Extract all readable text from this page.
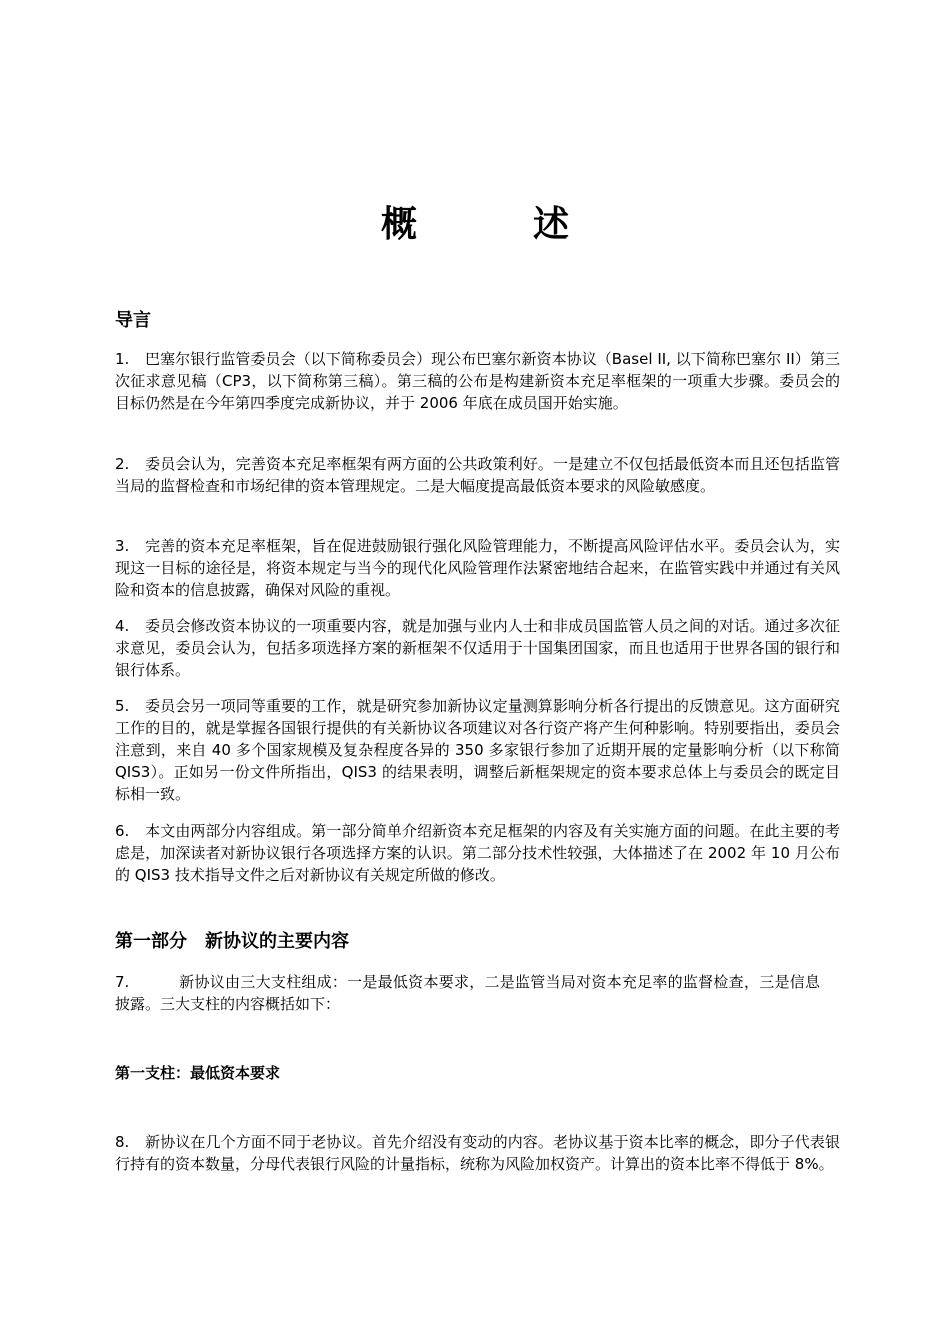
概　述
导言

1. 巴塞尔银行监管委员会（以下简称委员会）现公布巴塞尔新资本协议（Basel II, 以下简称巴塞尔 II）第三次征求意见稿（CP3，以下简称第三稿）。第三稿的公布是构建新资本充足率框架的一项重大步骤。委员会的目标仍然是在今年第四季度完成新协议，并于 2006 年底在成员国开始实施。

2. 委员会认为，完善资本充足率框架有两方面的公共政策利好。一是建立不仅包括最低资本而且还包括监管当局的监督检查和市场纪律的资本管理规定。二是大幅度提高最低资本要求的风险敏感度。

3. 完善的资本充足率框架，旨在促进鼓励银行强化风险管理能力，不断提高风险评估水平。委员会认为，实现这一目标的途径是，将资本规定与当今的现代化风险管理作法紧密地结合起来，在监管实践中并通过有关风险和资本的信息披露，确保对风险的重视。

4. 委员会修改资本协议的一项重要内容，就是加强与业内人士和非成员国监管人员之间的对话。通过多次征求意见，委员会认为，包括多项选择方案的新框架不仅适用于十国集团国家，而且也适用于世界各国的银行和银行体系。

5. 委员会另一项同等重要的工作，就是研究参加新协议定量测算影响分析各行提出的反馈意见。这方面研究工作的目的，就是掌握各国银行提供的有关新协议各项建议对各行资产将产生何种影响。特别要指出，委员会注意到，来自 40 多个国家规模及复杂程度各异的 350 多家银行参加了近期开展的定量影响分析（以下称简 QIS3）。正如另一份文件所指出，QIS3 的结果表明，调整后新框架规定的资本要求总体上与委员会的既定目标相一致。

6. 本文由两部分内容组成。第一部分简单介绍新资本充足框架的内容及有关实施方面的问题。在此主要的考虑是，加深读者对新协议银行各项选择方案的认识。第二部分技术性较强，大体描述了在 2002 年 10 月公布的 QIS3 技术指导文件之后对新协议有关规定所做的修改。

第一部分　新协议的主要内容

7.	新协议由三大支柱组成：一是最低资本要求，二是监管当局对资本充足率的监督检查，三是信息披露。三大支柱的内容概括如下：

第一支柱：最低资本要求

8. 新协议在几个方面不同于老协议。首先介绍没有变动的内容。老协议基于资本比率的概念，即分子代表银行持有的资本数量，分母代表银行风险的计量指标，统称为风险加权资产。计算出的资本比率不得低于 8%。
